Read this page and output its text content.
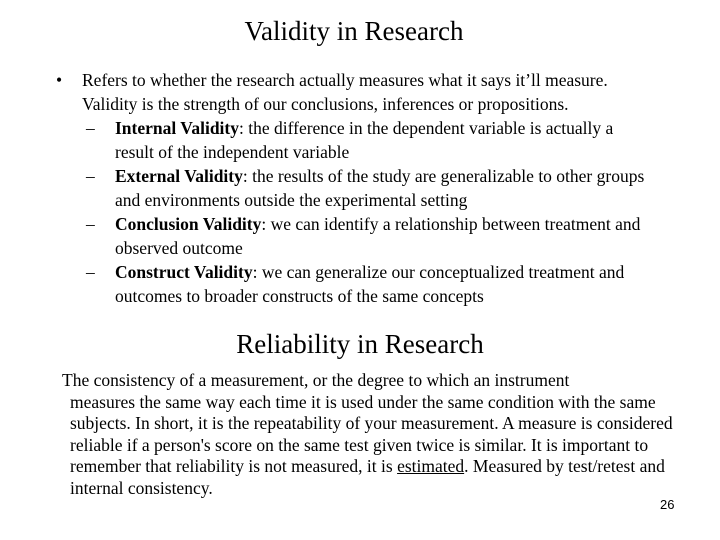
Validity in Research
• Refers to whether the research actually measures what it says it’ll measure. Validity is the strength of our conclusions, inferences or propositions.
– Internal Validity: the difference in the dependent variable is actually a result of the independent variable
– External Validity: the results of the study are generalizable to other groups and environments outside the experimental setting
– Conclusion Validity: we can identify a relationship between treatment and observed outcome
– Construct Validity: we can generalize our conceptualized treatment and outcomes to broader constructs of the same concepts
Reliability in Research
The consistency of a measurement, or the degree to which an instrument
measures the same way each time it is used under the same condition with the same subjects. In short, it is the repeatability of your measurement. A measure is considered reliable if a person's score on the same test given twice is similar. It is important to remember that reliability is not measured, it is estimated. Measured by test/retest and internal consistency.
26
